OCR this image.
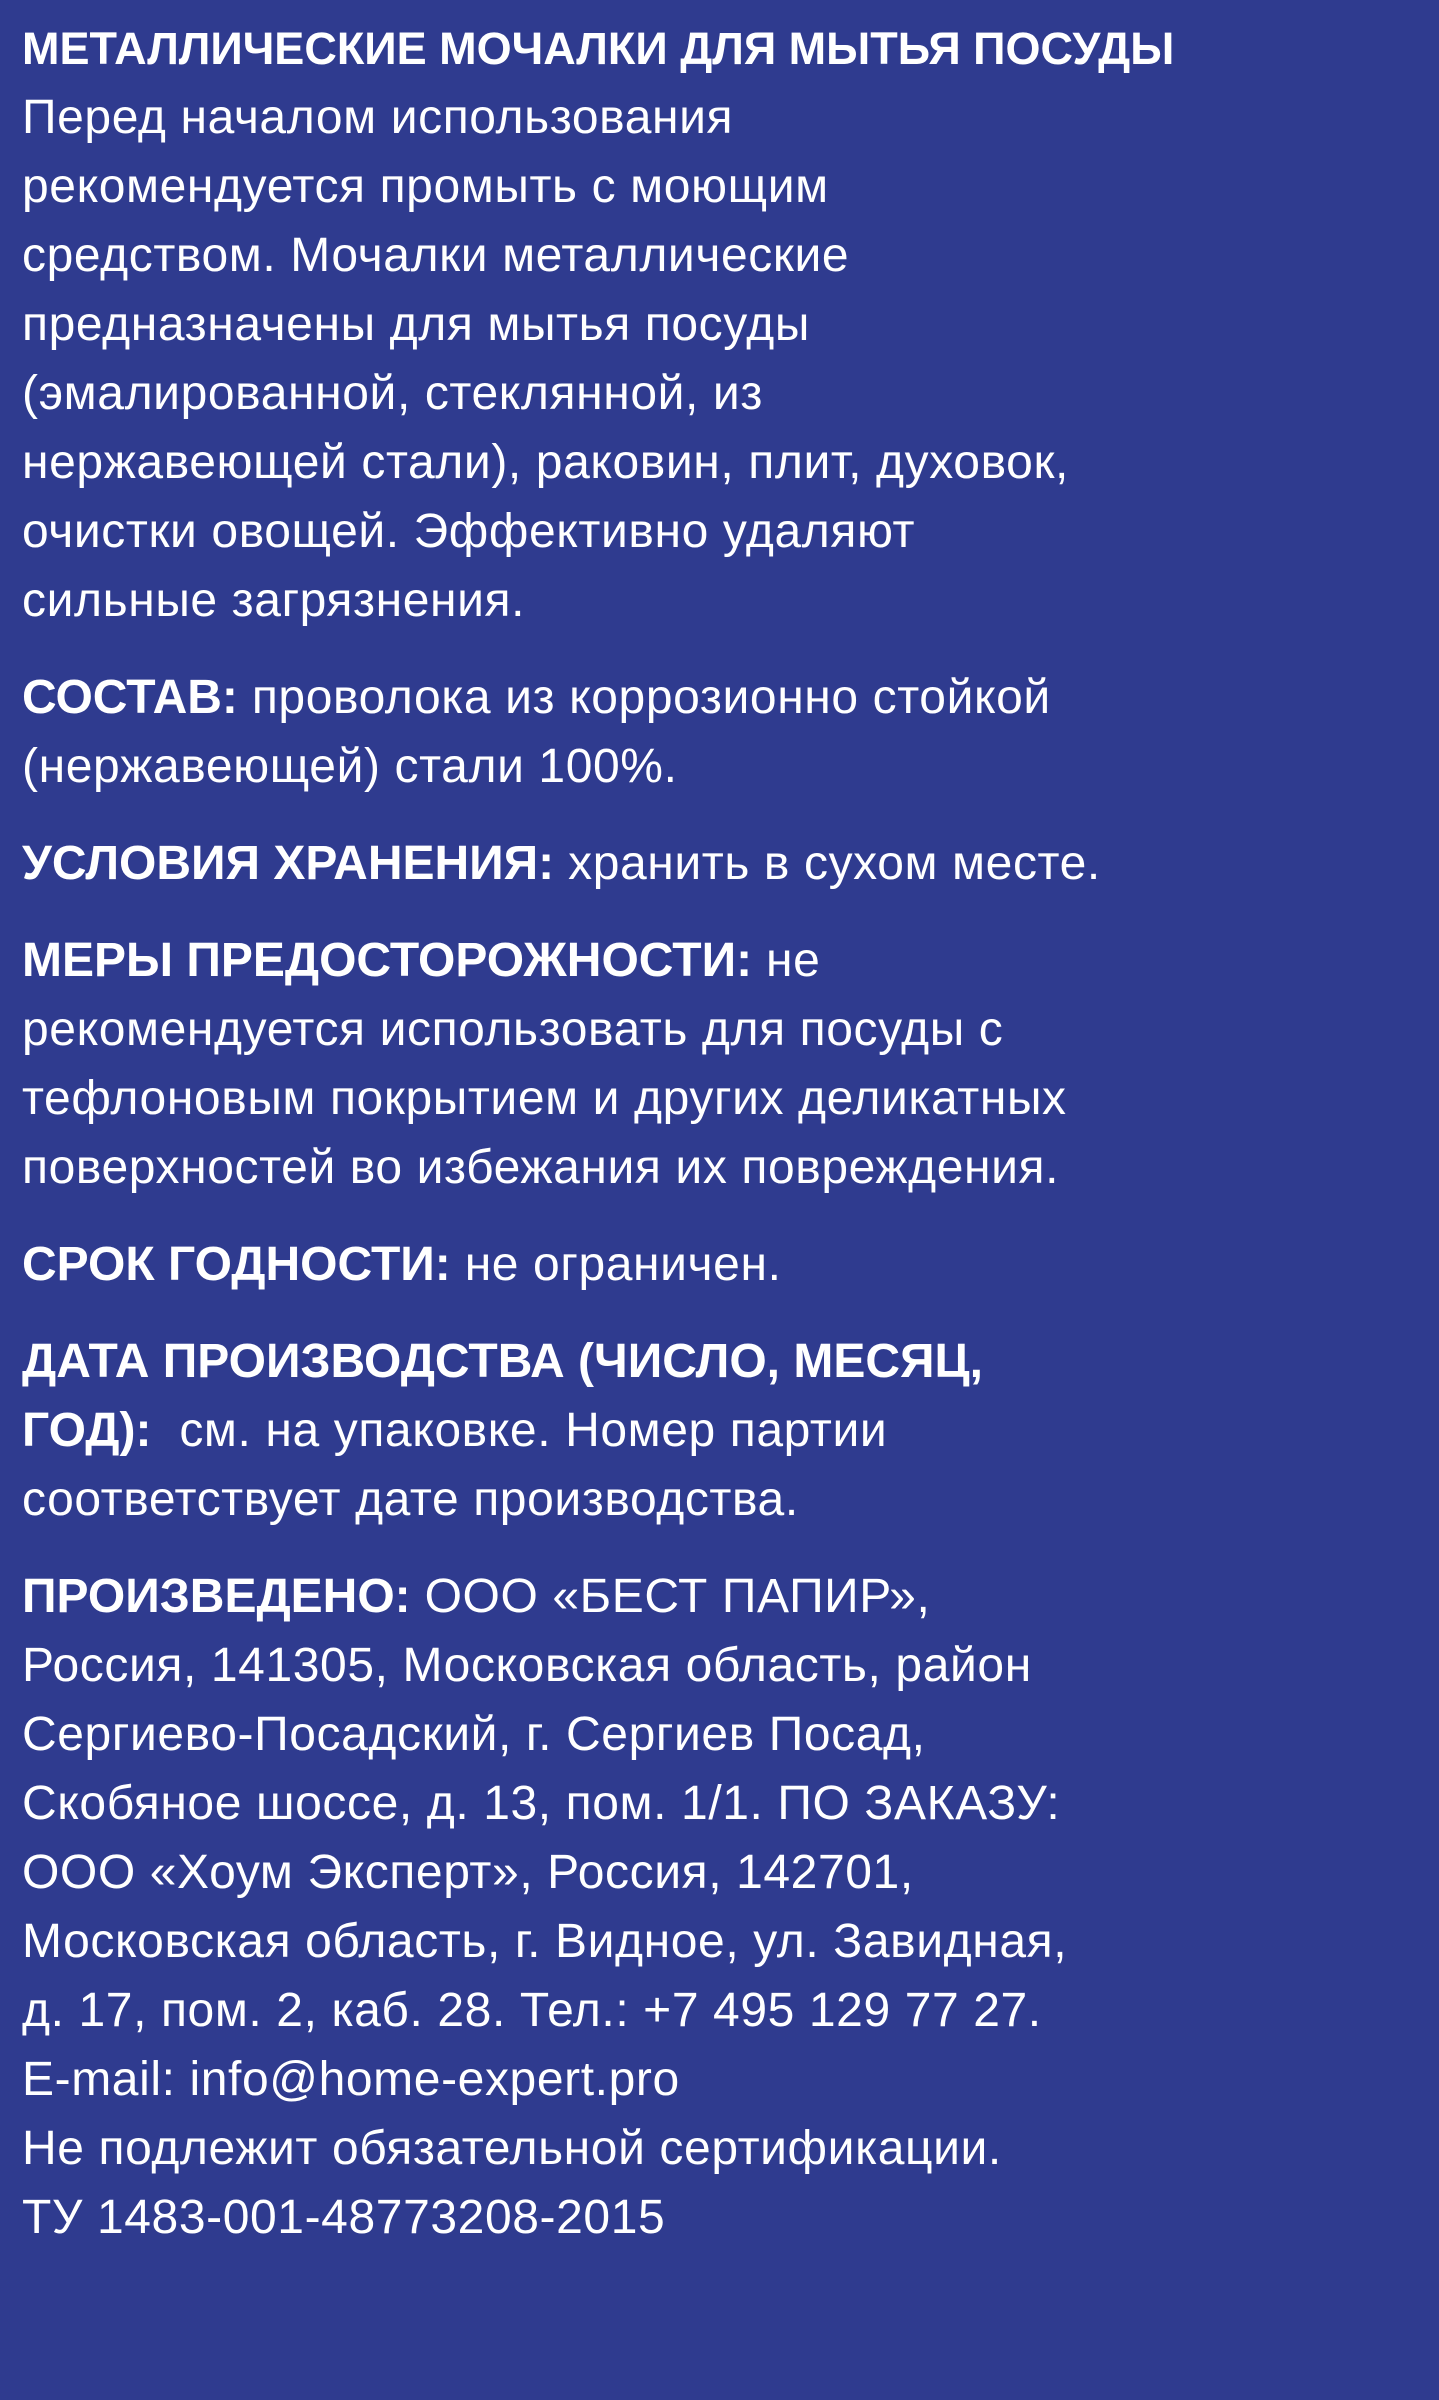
МЕТАЛЛИЧЕСКИЕ МОЧАЛКИ ДЛЯ МЫТЬЯ ПОСУДЫ
Перед началом использования
рекомендуется промыть с моющим
средством. Мочалки металлические
предназначены для мытья посуды
(эмалированной, стеклянной, из
нержавеющей стали), раковин, плит, духовок,
очистки овощей. Эффективно удаляют
сильные загрязнения.
СОСТАВ: проволока из коррозионно стойкой
(нержавеющей) стали 100%.
УСЛОВИЯ ХРАНЕНИЯ: хранить в сухом месте.
МЕРЫ ПРЕДОСТОРОЖНОСТИ: не
рекомендуется использовать для посуды с
тефлоновым покрытием и других деликатных
поверхностей во избежания их повреждения.
СРОК ГОДНОСТИ: не ограничен.
ДАТА ПРОИЗВОДСТВА (ЧИСЛО, МЕСЯЦ,
ГОД):  см. на упаковке. Номер партии
соответствует дате производства.
ПРОИЗВЕДЕНО: ООО «БЕСТ ПАПИР»,
Россия, 141305, Московская область, район
Сергиево-Посадский, г. Сергиев Посад,
Скобяное шоссе, д. 13, пом. 1/1. ПО ЗАКАЗУ:
ООО «Хоум Эксперт», Россия, 142701,
Московская область, г. Видное, ул. Завидная,
д. 17, пом. 2, каб. 28. Тел.: +7 495 129 77 27.
E-mail: info@home-expert.pro
Не подлежит обязательной сертификации.
ТУ 1483-001-48773208-2015
